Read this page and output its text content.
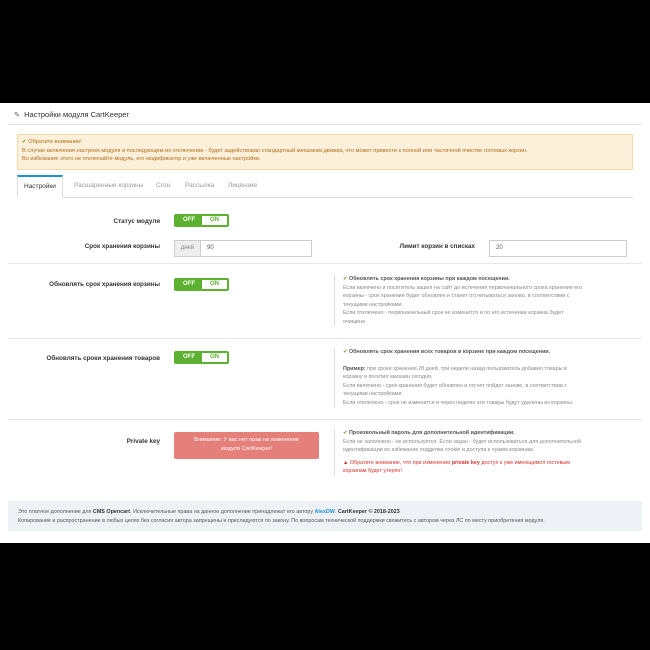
✎ Настройки модуля CartKeeper
✔ Обратите внимание!
В случае включения настроек модуля и последующем их отключении - будет задействован стандартный механизм движка, что может привести к полной или частичной очистке гостевых корзин.
Во избежание этого не отключайте модуль, его модификатор и уже включенные настройки.
Настройки	Расшаренные корзины Crон Рассылка Лицензия
Статус модуля	OFF	ON
Срок хранения корзины	дней	90	Лимит корзин в списках	20
Обновлять срок хранения корзины	OFF	ON
✔ Обновлять срок хранения корзины при каждом посещении.
Если включено и посетитель зашел на сайт до истечения первоначального срока хранения его
корзины - срок хранения будет обновлен и станет отсчитываться заново, в соответствии с
текущими настройками.
Если отключено - первоначальный срок не изменится и по его истечении корзина будет
очищена
Обновлять сроки хранения товаров	OFF	ON
✔ Обновлять срок хранения всех товаров в корзине при каждом посещении.
Пример: при сроке хранения 28 дней, три недели назад пользователь добавил товары в
корзину и посетил магазин сегодня.
Если включено - срок хранения будет обновлен и отсчет пойдет заново, в соответствии с
текущими настройками.
Если отключено - срок не изменится и через неделю эти товары будут удалены из корзины.
Private key	Внимание: У вас нет прав на изменение
модуля CartKeeper!
✔ Произвольный пароль для дополнительной идентификации.
Если не заполнено - не используется. Если задан - будет использоваться для дополнительной
идентификации во избежание подделки cookie и доступа к чужим корзинам.
▲ Обратите внимание, что при изменении private key доступ к уже имеющимся гостевым
корзинам будет утерян!
Это платное дополнение для CMS Opencart. Исключительные права на данное дополнение принадлежат его автору AlexDW. CartKeeper © 2018-2023
Копирование и распространение в любых целях без согласия автора запрещены и преследуются по закону. По вопросам технической поддержки свяжитесь с автором через ЛС по месту приобретения модуля.
